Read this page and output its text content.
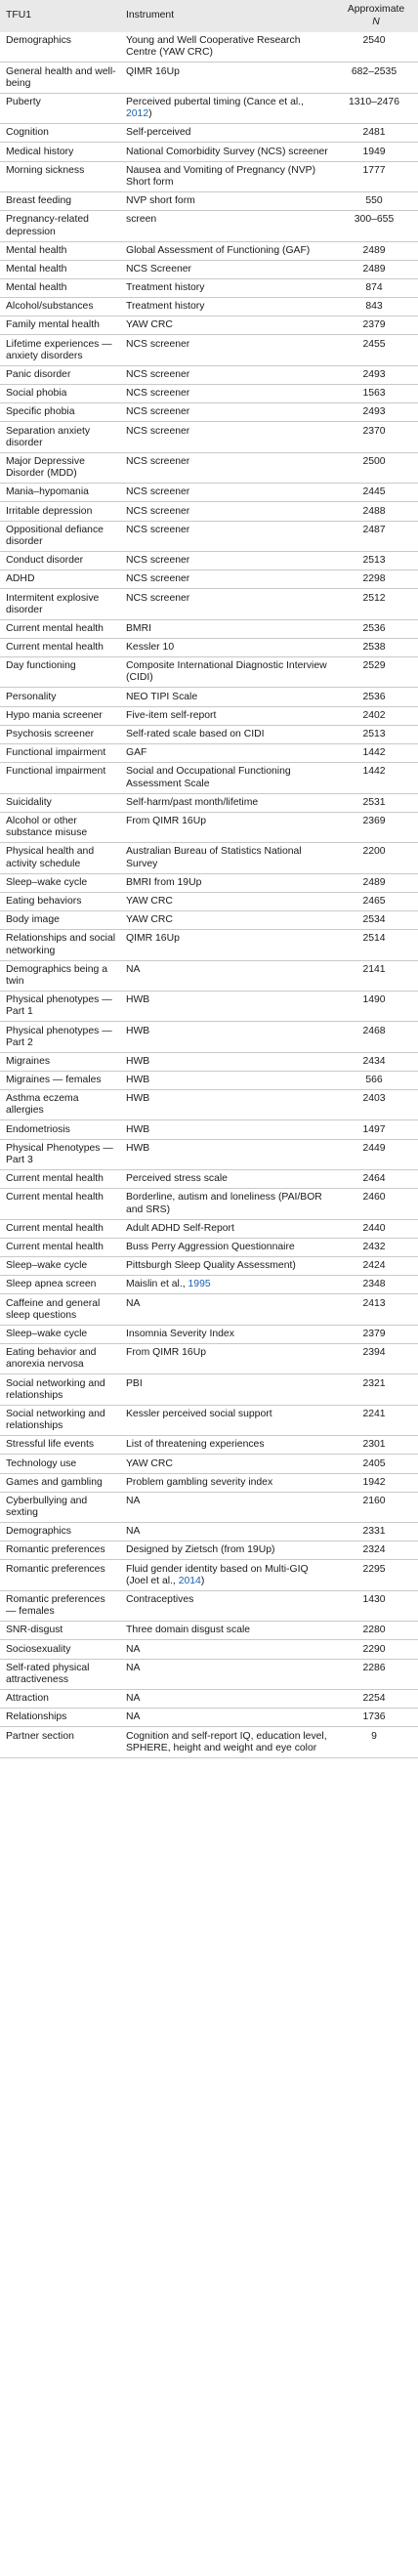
TFU1	Instrument	Approximate
N
Demographics	Young and Well Cooperative Research Centre (YAW CRC)	2540
General health and well-being	QIMR 16Up	682–2535
Puberty	Perceived pubertal timing (Cance et al., 2012)	1310–2476
Cognition	Self-perceived	2481
Medical history	National Comorbidity Survey (NCS) screener	1949
Morning sickness	Nausea and Vomiting of Pregnancy (NVP) Short form	1777
Breast feeding	NVP short form	550
Pregnancy-related depression	screen	300–655
Mental health	Global Assessment of Functioning (GAF)	2489
Mental health	NCS Screener	2489
Mental health	Treatment history	874
Alcohol/substances	Treatment history	843
Family mental health	YAW CRC	2379
Lifetime experiences — anxiety disorders	NCS screener	2455
Panic disorder	NCS screener	2493
Social phobia	NCS screener	1563
Specific phobia	NCS screener	2493
Separation anxiety disorder	NCS screener	2370
Major Depressive Disorder (MDD)	NCS screener	2500
Mania–hypomania	NCS screener	2445
Irritable depression	NCS screener	2488
Oppositional defiance disorder	NCS screener	2487
Conduct disorder	NCS screener	2513
ADHD	NCS screener	2298
Intermitent explosive disorder	NCS screener	2512
Current mental health	BMRI	2536
Current mental health	Kessler 10	2538
Day functioning	Composite International Diagnostic Interview (CIDI)	2529
Personality	NEO TIPI Scale	2536
Hypo mania screener	Five-item self-report	2402
Psychosis screener	Self-rated scale based on CIDI	2513
Functional impairment	GAF	1442
Functional impairment	Social and Occupational Functioning Assessment Scale	1442
Suicidality	Self-harm/past month/lifetime	2531
Alcohol or other substance misuse	From QIMR 16Up	2369
Physical health and activity schedule	Australian Bureau of Statistics National Survey	2200
Sleep–wake cycle	BMRI from 19Up	2489
Eating behaviors	YAW CRC	2465
Body image	YAW CRC	2534
Relationships and social networking	QIMR 16Up	2514
Demographics being a twin	NA	2141
Physical phenotypes — Part 1	HWB	1490
Physical phenotypes — Part 2	HWB	2468
Migraines	HWB	2434
Migraines — females	HWB	566
Asthma eczema allergies	HWB	2403
Endometriosis	HWB	1497
Physical Phenotypes — Part 3	HWB	2449
Current mental health	Perceived stress scale	2464
Current mental health	Borderline, autism and loneliness (PAI/BOR and SRS)	2460
Current mental health	Adult ADHD Self-Report	2440
Current mental health	Buss Perry Aggression Questionnaire	2432
Sleep–wake cycle	Pittsburgh Sleep Quality Assessment)	2424
Sleep apnea screen	Maislin et al., 1995	2348
Caffeine and general sleep questions	NA	2413
Sleep–wake cycle	Insomnia Severity Index	2379
Eating behavior and anorexia nervosa	From QIMR 16Up	2394
Social networking and relationships	PBI	2321
Social networking and relationships	Kessler perceived social support	2241
Stressful life events	List of threatening experiences	2301
Technology use	YAW CRC	2405
Games and gambling	Problem gambling severity index	1942
Cyberbullying and sexting	NA	2160
Demographics	NA	2331
Romantic preferences	Designed by Zietsch (from 19Up)	2324
Romantic preferences	Fluid gender identity based on Multi-GIQ (Joel et al., 2014)	2295
Romantic preferences — females	Contraceptives	1430
SNR-disgust	Three domain disgust scale	2280
Sociosexuality	NA	2290
Self-rated physical attractiveness	NA	2286
Attraction	NA	2254
Relationships	NA	1736
Partner section	Cognition and self-report IQ, education level, SPHERE, height and weight and eye color	9
